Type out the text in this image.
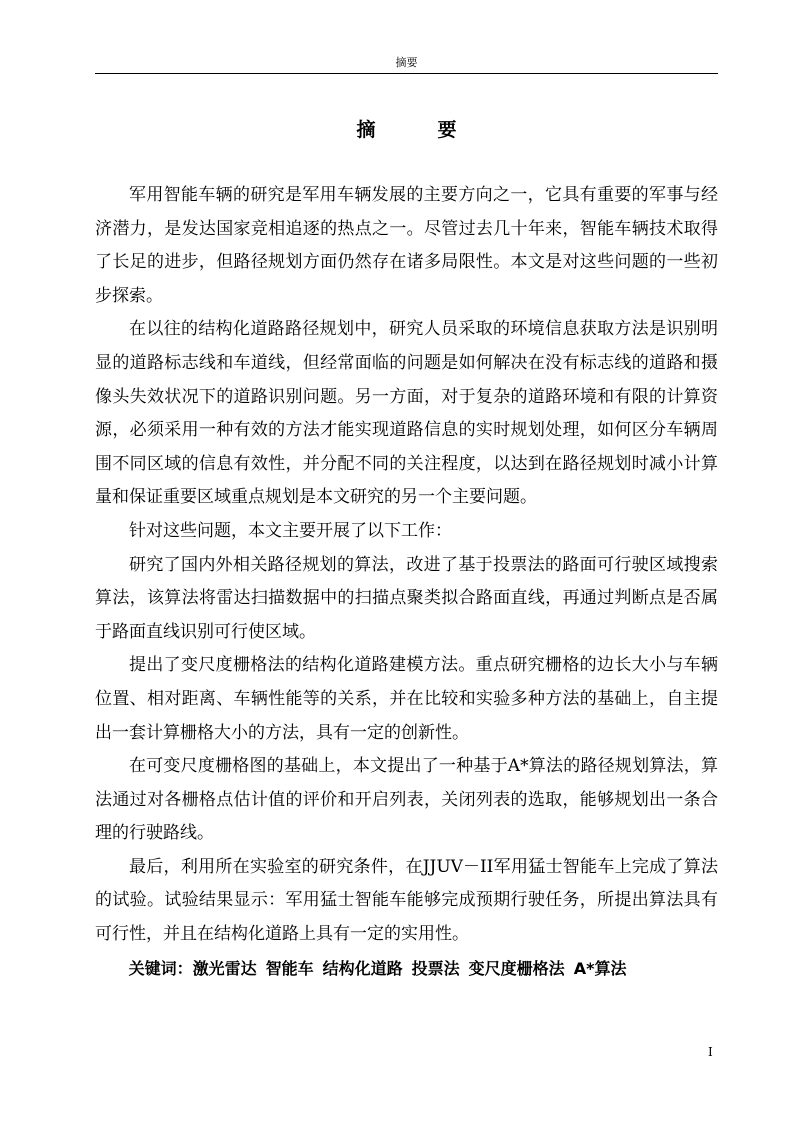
摘要
摘要

军用智能车辆的研究是军用车辆发展的主要方向之一，它具有重要的军事与经济潜力，是发达国家竞相追逐的热点之一。尽管过去几十年来，智能车辆技术取得了长足的进步，但路径规划方面仍然存在诸多局限性。本文是对这些问题的一些初步探索。

在以往的结构化道路路径规划中，研究人员采取的环境信息获取方法是识别明显的道路标志线和车道线，但经常面临的问题是如何解决在没有标志线的道路和摄像头失效状况下的道路识别问题。另一方面，对于复杂的道路环境和有限的计算资源，必须采用一种有效的方法才能实现道路信息的实时规划处理，如何区分车辆周围不同区域的信息有效性，并分配不同的关注程度，以达到在路径规划时减小计算量和保证重要区域重点规划是本文研究的另一个主要问题。

针对这些问题，本文主要开展了以下工作：

研究了国内外相关路径规划的算法，改进了基于投票法的路面可行驶区域搜索算法，该算法将雷达扫描数据中的扫描点聚类拟合路面直线，再通过判断点是否属于路面直线识别可行使区域。

提出了变尺度栅格法的结构化道路建模方法。重点研究栅格的边长大小与车辆位置、相对距离、车辆性能等的关系，并在比较和实验多种方法的基础上，自主提出一套计算栅格大小的方法，具有一定的创新性。

在可变尺度栅格图的基础上，本文提出了一种基于A*算法的路径规划算法，算法通过对各栅格点估计值的评价和开启列表，关闭列表的选取，能够规划出一条合理的行驶路线。

最后，利用所在实验室的研究条件，在JJUV－II军用猛士智能车上完成了算法的试验。试验结果显示：军用猛士智能车能够完成预期行驶任务，所提出算法具有可行性，并且在结构化道路上具有一定的实用性。

关键词：激光雷达 智能车 结构化道路 投票法 变尺度栅格法 A*算法

I
